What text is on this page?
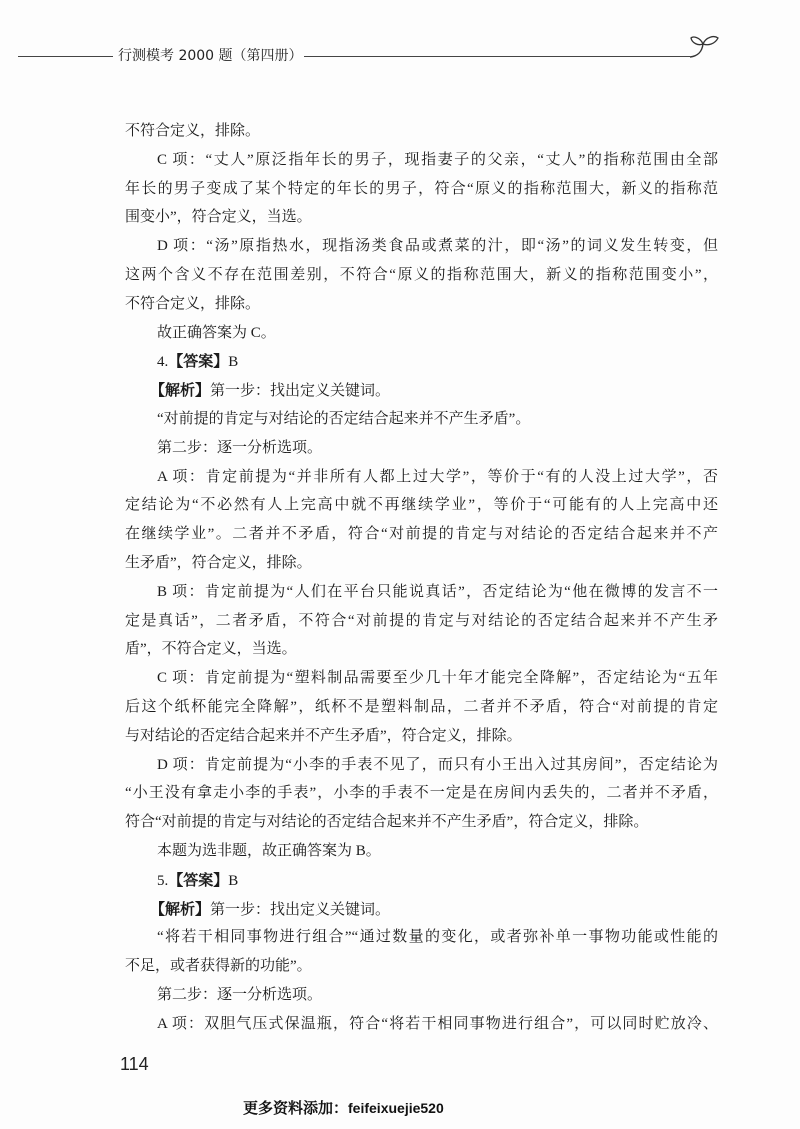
行测模考 2000 题（第四册）
不符合定义，排除。
C 项：“丈人”原泛指年长的男子，现指妻子的父亲，“丈人”的指称范围由全部
年长的男子变成了某个特定的年长的男子，符合“原义的指称范围大，新义的指称范
围变小”，符合定义，当选。
D 项：“汤”原指热水，现指汤类食品或煮菜的汁，即“汤”的词义发生转变，但
这两个含义不存在范围差别，不符合“原义的指称范围大，新义的指称范围变小”，
不符合定义，排除。
故正确答案为 C。
4.【答案】B
【解析】第一步：找出定义关键词。
“对前提的肯定与对结论的否定结合起来并不产生矛盾”。
第二步：逐一分析选项。
A 项：肯定前提为“并非所有人都上过大学”，等价于“有的人没上过大学”，否
定结论为“不必然有人上完高中就不再继续学业”，等价于“可能有的人上完高中还
在继续学业”。二者并不矛盾，符合“对前提的肯定与对结论的否定结合起来并不产
生矛盾”，符合定义，排除。
B 项：肯定前提为“人们在平台只能说真话”，否定结论为“他在微博的发言不一
定是真话”，二者矛盾，不符合“对前提的肯定与对结论的否定结合起来并不产生矛
盾”，不符合定义，当选。
C 项：肯定前提为“塑料制品需要至少几十年才能完全降解”，否定结论为“五年
后这个纸杯能完全降解”，纸杯不是塑料制品，二者并不矛盾，符合“对前提的肯定
与对结论的否定结合起来并不产生矛盾”，符合定义，排除。
D 项：肯定前提为“小李的手表不见了，而只有小王出入过其房间”，否定结论为
“小王没有拿走小李的手表”，小李的手表不一定是在房间内丢失的，二者并不矛盾，
符合“对前提的肯定与对结论的否定结合起来并不产生矛盾”，符合定义，排除。
本题为选非题，故正确答案为 B。
5.【答案】B
【解析】第一步：找出定义关键词。
“将若干相同事物进行组合”“通过数量的变化，或者弥补单一事物功能或性能的
不足，或者获得新的功能”。
第二步：逐一分析选项。
A 项：双胆气压式保温瓶，符合“将若干相同事物进行组合”，可以同时贮放冷、
114
更多资料添加：feifeixuejie520
